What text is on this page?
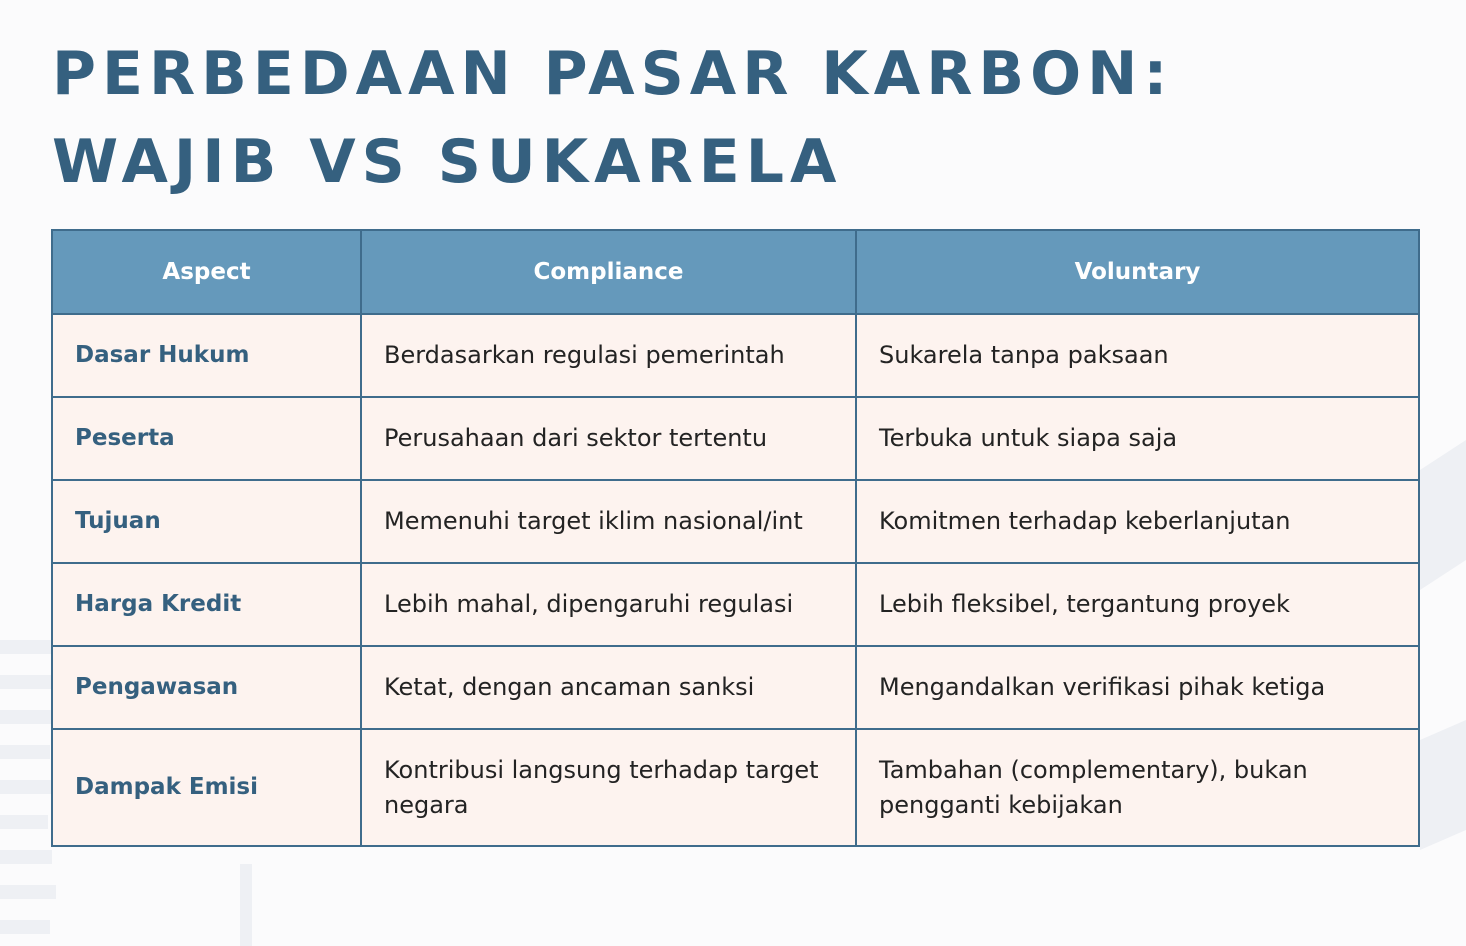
PERBEDAAN PASAR KARBON:
WAJIB VS SUKARELA
Aspect	Compliance	Voluntary
Dasar Hukum	Berdasarkan regulasi pemerintah	Sukarela tanpa paksaan
Peserta	Perusahaan dari sektor tertentu	Terbuka untuk siapa saja
Tujuan	Memenuhi target iklim nasional/int	Komitmen terhadap keberlanjutan
Harga Kredit	Lebih mahal, dipengaruhi regulasi	Lebih fleksibel, tergantung proyek
Pengawasan	Ketat, dengan ancaman sanksi	Mengandalkan verifikasi pihak ketiga
Dampak Emisi	Kontribusi langsung terhadap target negara	Tambahan (complementary), bukan pengganti kebijakan
